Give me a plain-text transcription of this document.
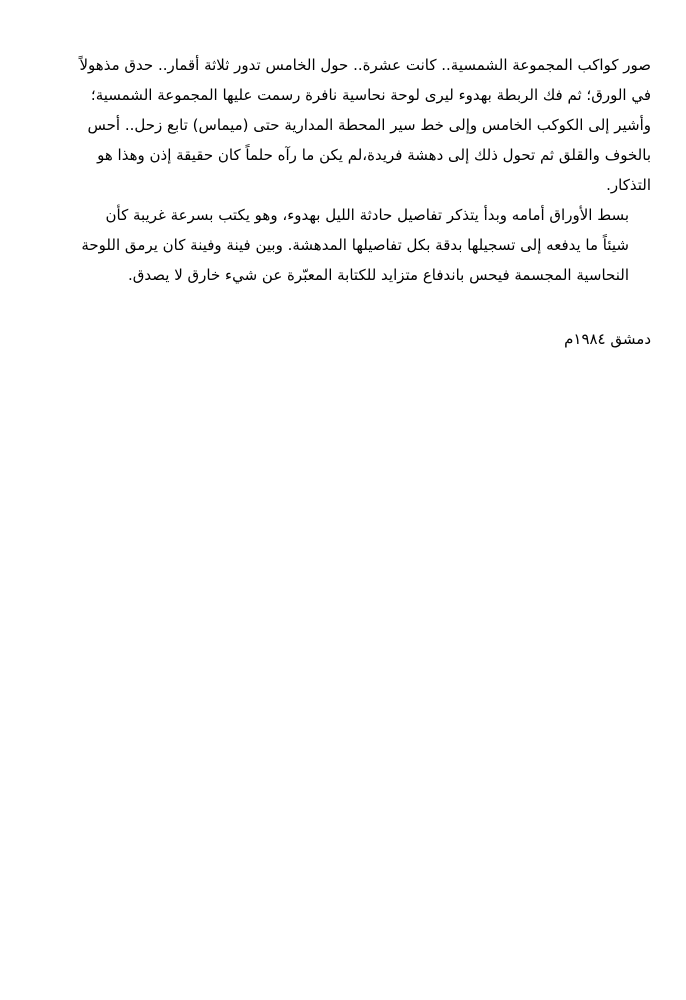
صور كواكب المجموعة الشمسية.. كانت عشرة.. حول الخامس تدور ثلاثة أقمار.. حدق مذهولاً
في الورق؛ ثم فك الربطة بهدوء ليرى لوحة نحاسية نافرة رسمت عليها المجموعة الشمسية؛
وأشير إلى الكوكب الخامس وإلى خط سير المحطة المدارية حتى (ميماس) تابع زحل.. أحس
بالخوف والقلق ثم تحول ذلك إلى دهشة فريدة،لم يكن ما رآه حلماً كان حقيقة إذن وهذا هو
التذكار.

بسط الأوراق أمامه وبدأ يتذكر تفاصيل حادثة الليل بهدوء، وهو يكتب بسرعة غريبة كأن
شيئاً ما يدفعه إلى تسجيلها بدقة بكل تفاصيلها المدهشة. وبين فينة وفينة كان يرمق اللوحة
النحاسية المجسمة فيحس باندفاع متزايد للكتابة المعبّرة عن شيء خارق لا يصدق.

دمشق ١٩٨٤م
